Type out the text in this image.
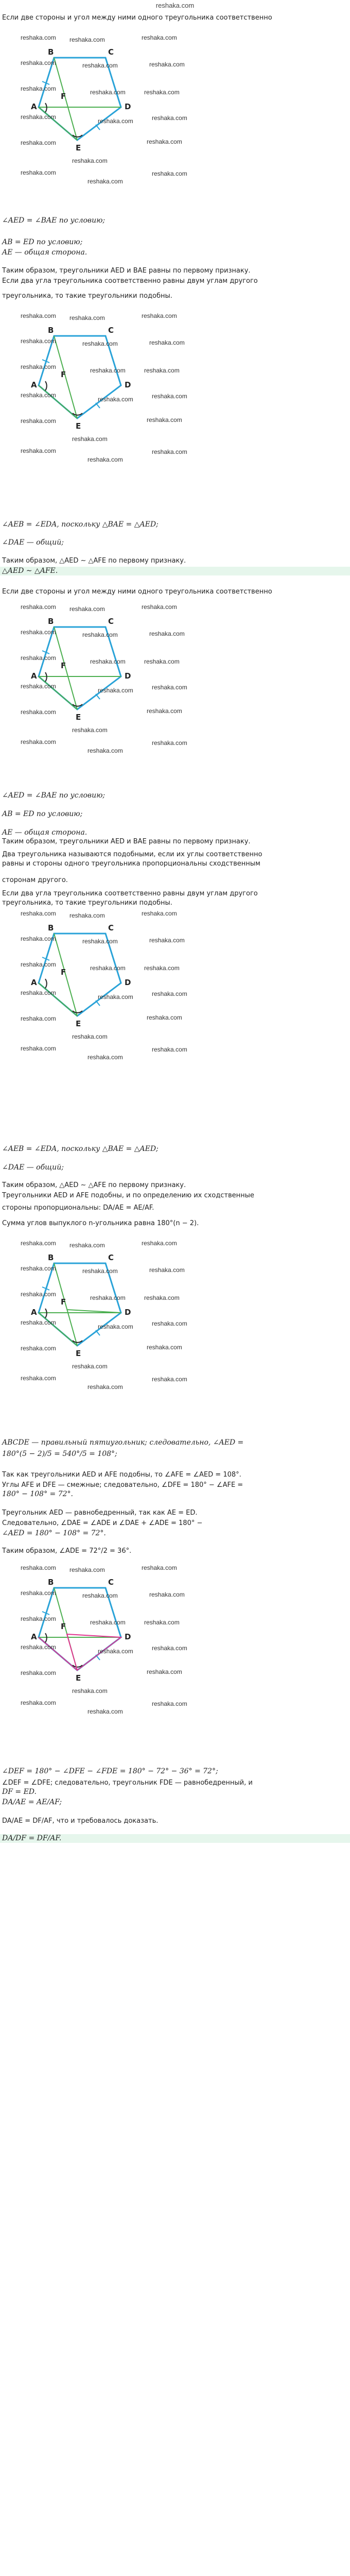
reshaka.com
Если две стороны и угол между ними одного треугольника соответственно
∠AED = ∠BAE по условию;
AB = ED по условию;
AE — общая сторона.
Таким образом, треугольники AED и BAE равны по первому признаку.
Если два угла треугольника соответственно равны двум углам другого
треугольника, то такие треугольники подобны.
∠AEB = ∠EDA, поскольку △BAE = △AED;
∠DAE — общий;
Таким образом, △AED ∼ △AFE по первому признаку.
△AED ∼ △AFE.
Если две стороны и угол между ними одного треугольника соответственно
∠AED = ∠BAE по условию;
AB = ED по условию;
AE — общая сторона.
Таким образом, треугольники AED и BAE равны по первому признаку.
Два треугольника называются подобными, если их углы соответственно
равны и стороны одного треугольника пропорциональны сходственным
сторонам другого.
Если два угла треугольника соответственно равны двум углам другого
треугольника, то такие треугольники подобны.
∠AEB = ∠EDA, поскольку △BAE = △AED;
∠DAE — общий;
Таким образом, △AED ∼ △AFE по первому признаку.
Треугольники AED и AFE подобны, и по определению их сходственные
стороны пропорциональны: DA/AE = AE/AF.
Сумма углов выпуклого n-угольника равна 180°(n − 2).
ABCDE — правильный пятиугольник; следовательно, ∠AED =
180°(5 − 2)/5 = 540°/5 = 108°;
Так как треугольники AED и AFE подобны, то ∠AFE = ∠AED = 108°.
Углы AFE и DFE — смежные; следовательно, ∠DFE = 180° − ∠AFE =
180° − 108° = 72°.
Треугольник AED — равнобедренный, так как AE = ED.
Следовательно, ∠DAE = ∠ADE и ∠DAE + ∠ADE = 180° −
∠AED = 180° − 108° = 72°.
Таким образом, ∠ADE = 72°/2 = 36°.
∠DEF = 180° − ∠DFE − ∠FDE = 180° − 72° − 36° = 72°;
∠DEF = ∠DFE; следовательно, треугольник FDE — равнобедренный, и
DF = ED.
DA/AE = AE/AF;
DA/AE = DF/AF, что и требовалось доказать.
DA/DF = DF/AF.
A
B	C
D
E
F
reshaka.com reshaka.com	reshaka.com
reshaka.com	reshaka.com	reshaka.com
reshaka.com	reshaka.com	reshaka.com
reshaka.com
reshaka.com	reshaka.com
reshaka.com
reshaka.com
reshaka.com
reshaka.com
reshaka.com
reshaka.com
A
B	C
D
E
F
reshaka.com reshaka.com	reshaka.com
reshaka.com	reshaka.com	reshaka.com
reshaka.com	reshaka.com	reshaka.com
reshaka.com
reshaka.com	reshaka.com
reshaka.com
reshaka.com
reshaka.com
reshaka.com
reshaka.com
reshaka.com
A
B	C
D
E
F
reshaka.com reshaka.com	reshaka.com
reshaka.com	reshaka.com	reshaka.com
reshaka.com	reshaka.com	reshaka.com
reshaka.com
reshaka.com	reshaka.com
reshaka.com
reshaka.com
reshaka.com
reshaka.com
reshaka.com
reshaka.com
A
B	C
D
E
F
reshaka.com reshaka.com	reshaka.com
reshaka.com	reshaka.com	reshaka.com
reshaka.com	reshaka.com	reshaka.com
reshaka.com
reshaka.com	reshaka.com
reshaka.com
reshaka.com
reshaka.com
reshaka.com
reshaka.com
reshaka.com
A
B	C
D
E
F
reshaka.com reshaka.com	reshaka.com
reshaka.com	reshaka.com	reshaka.com
reshaka.com	reshaka.com	reshaka.com
reshaka.com
reshaka.com	reshaka.com
reshaka.com
reshaka.com
reshaka.com
reshaka.com
reshaka.com
reshaka.com
A
B	C
D
E
F
reshaka.com reshaka.com	reshaka.com
reshaka.com	reshaka.com	reshaka.com
reshaka.com	reshaka.com	reshaka.com
reshaka.com
reshaka.com	reshaka.com
reshaka.com
reshaka.com
reshaka.com
reshaka.com
reshaka.com
reshaka.com
